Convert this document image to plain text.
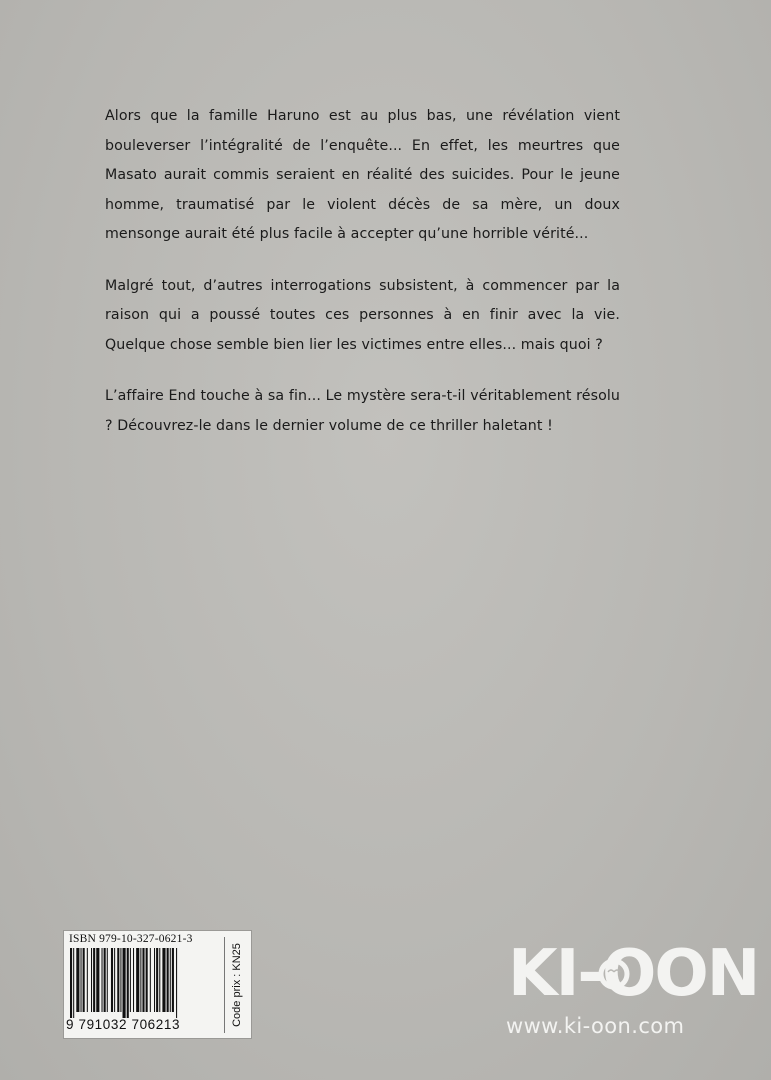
Alors que la famille Haruno est au plus bas, une révélation vient bouleverser l’intégralité de l’enquête... En effet, les meurtres que Masato aurait commis seraient en réalité des suicides. Pour le jeune homme, traumatisé par le violent décès de sa mère, un doux mensonge aurait été plus facile à accepter qu’une horrible vérité...

Malgré tout, d’autres interrogations subsistent, à commencer par la raison qui a poussé toutes ces personnes à en finir avec la vie. Quelque chose semble bien lier les victimes entre elles... mais quoi ?

L’affaire End touche à sa fin... Le mystère sera-t-il véritablement résolu ? Découvrez-le dans le dernier volume de ce thriller haletant !

ISBN 979-10-327-0621-3
9 791032 706213	Code prix : KN25	KI‑OON
www.ki-oon.com
